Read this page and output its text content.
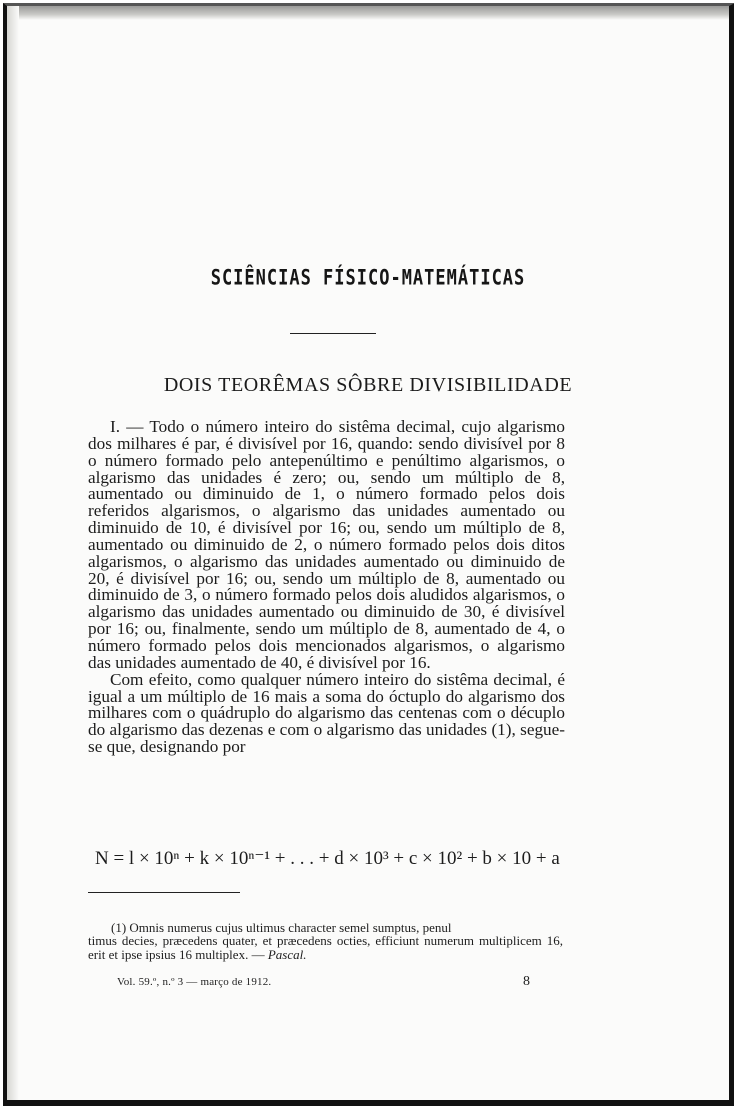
SCIÊNCIAS FÍSICO-MATEMÁTICAS
DOIS TEORÊMAS SÔBRE DIVISIBILIDADE

I. — Todo o número inteiro do sistêma decimal, cujo algarismo dos milhares é par, é divisível por 16, quando: sendo divisível por 8 o número formado pelo antepenúltimo e penúltimo algarismos, o algarismo das unidades é zero; ou, sendo um múltiplo de 8, aumentado ou diminuido de 1, o número formado pelos dois referidos algarismos, o algarismo das unidades aumentado ou diminuido de 10, é divisível por 16; ou, sendo um múltiplo de 8, aumentado ou diminuido de 2, o número formado pelos dois ditos algarismos, o algarismo das unidades aumentado ou diminuido de 20, é divisível por 16; ou, sendo um múltiplo de 8, aumentado ou diminuido de 3, o número formado pelos dois aludidos algarismos, o algarismo das unidades aumentado ou diminuido de 30, é divisível por 16; ou, finalmente, sendo um múltiplo de 8, aumentado de 4, o número formado pelos dois mencionados algarismos, o algarismo das unidades aumentado de 40, é divisível por 16.

Com efeito, como qualquer número inteiro do sistêma decimal, é igual a um múltiplo de 16 mais a soma do óctuplo do algarismo dos milhares com o quádruplo do algarismo das centenas com o décuplo do algarismo das dezenas e com o algarismo das unidades (1), segue-se que, designando por

N = l × 10ⁿ + k × 10ⁿ⁻¹ + . . . + d × 10³ + c × 10² + b × 10 + a
(1) Omnis numerus cujus ultimus character semel sumptus, penul
timus decies, præcedens quater, et præcedens octies, efficiunt numerum multiplicem 16, erit et ipse ipsius 16 multiplex. — Pascal.
Vol. 59.º, n.º 3 — março de 1912.	8
